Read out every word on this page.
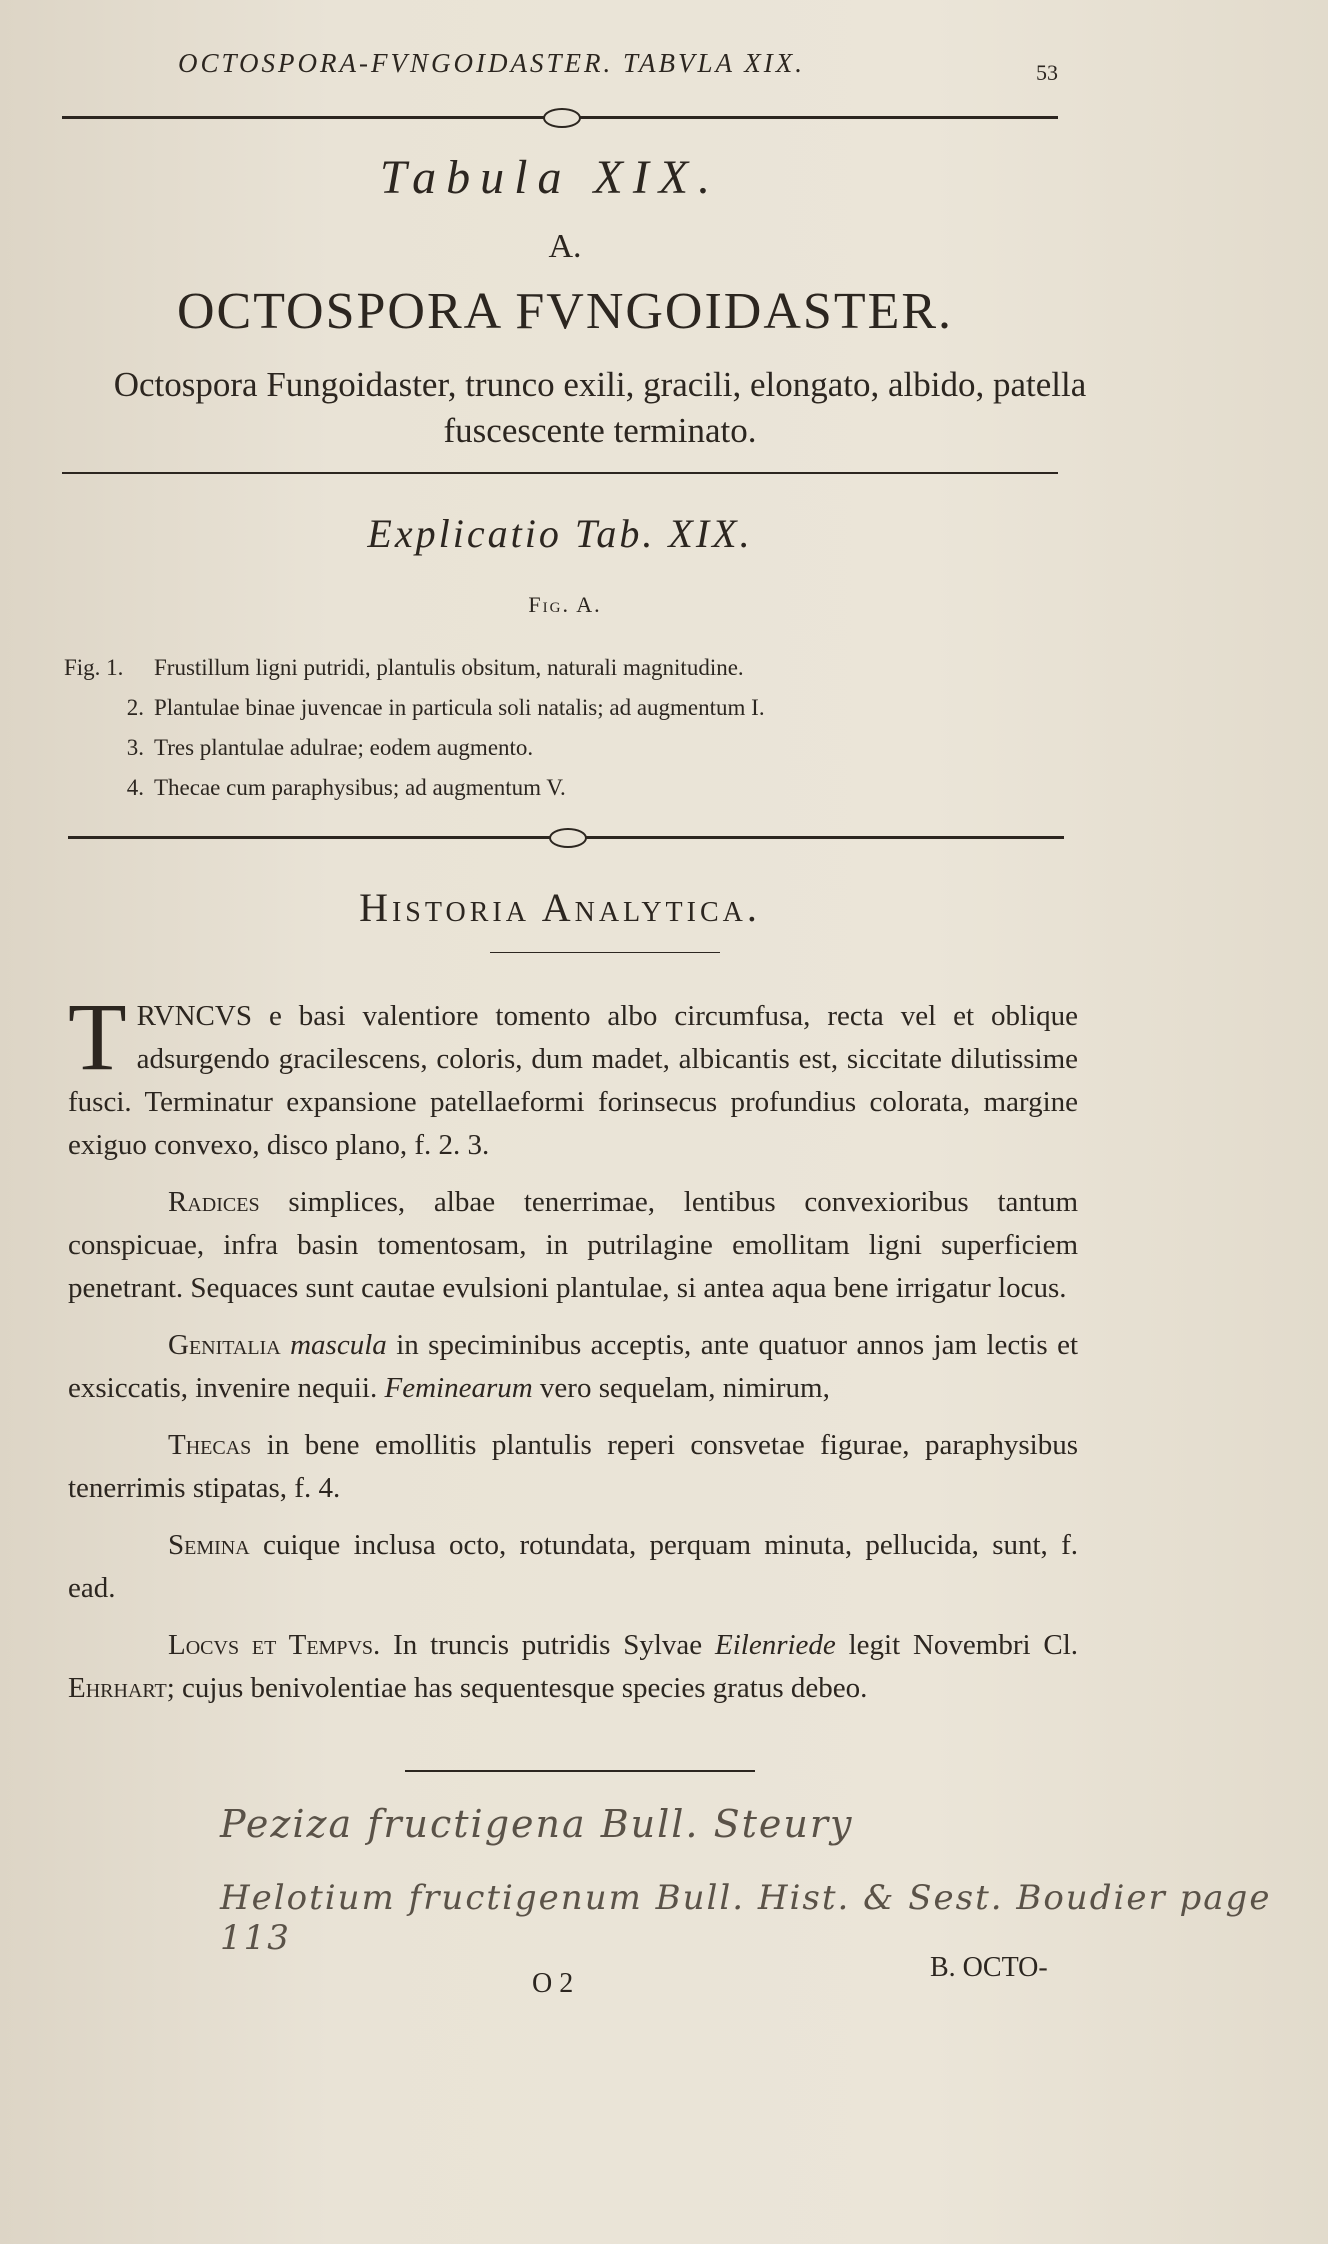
OCTOSPORA-FVNGOIDASTER. TABVLA XIX.	53
Tabula XIX.
A.
OCTOSPORA FVNGOIDASTER.
Octospora Fungoidaster, trunco exili, gracili, elongato, albido, patella fuscescente terminato.
Explicatio Tab. XIX.
Fig. A.
Fig. 1. Frustillum ligni putridi, plantulis obsitum, naturali magnitudine.
2. Plantulae binae juvencae in particula soli natalis; ad augmentum I.
3. Tres plantulae adulrae; eodem augmento.
4. Thecae cum paraphysibus; ad augmentum V.
Historia Analytica.

TRVNCVS e basi valentiore tomento albo circumfusa, recta vel et oblique adsurgendo gracilescens, coloris, dum madet, albicantis est, siccitate dilutissime fusci. Terminatur expansione patellaeformi forinsecus profundius colorata, margine exiguo convexo, disco plano, f. 2. 3.

Radices simplices, albae tenerrimae, lentibus convexioribus tantum conspicuae, infra basin tomentosam, in putrilagine emollitam ligni superficiem penetrant. Sequaces sunt cautae evulsioni plantulae, si antea aqua bene irrigatur locus.

Genitalia mascula in speciminibus acceptis, ante quatuor annos jam lectis et exsiccatis, invenire nequii. Feminearum vero sequelam, nimirum,

Thecas in bene emollitis plantulis reperi consvetae figurae, paraphysibus tenerrimis stipatas, f. 4.

Semina cuique inclusa octo, rotundata, perquam minuta, pellucida, sunt, f. ead.

Locvs et Tempvs. In truncis putridis Sylvae Eilenriede legit Novembri Cl. Ehrhart; cujus benivolentiae has sequentesque species gratus debeo.

Peziza fructigena Bull. Steury
Helotium fructigenum Bull. Hist. & Sest. Boudier page 113
O 2
B. OCTO-
